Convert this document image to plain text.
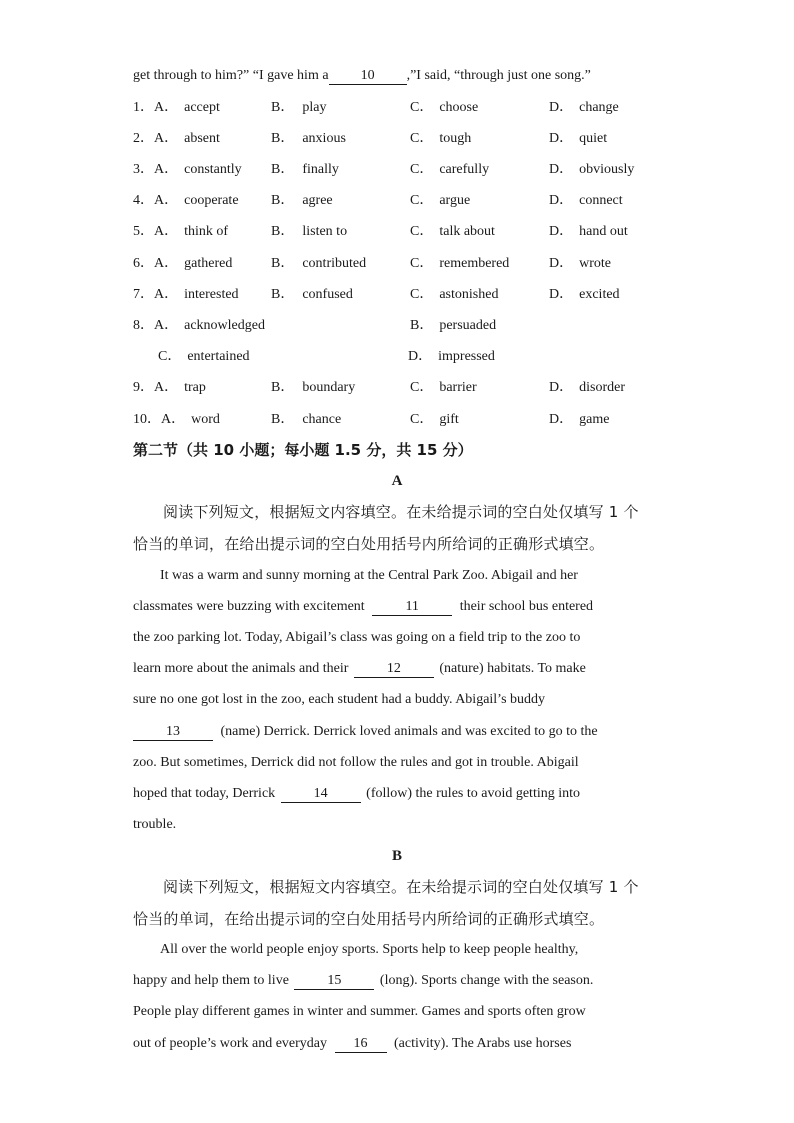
get through to him?” “I gave him a 10 ,”I said, “through just one song.”
1．A． accept	B． play	C． choose	D． change
2．A． absent	B． anxious	C． tough	D． quiet
3．A． constantly B． finally	C． carefully	D． obviously
4．A． cooperate B． agree	C． argue	D． connect
5．A． think of	B． listen to	C． talk about	D． hand out
6．A． gathered	B． contributed	C． remembered	D． wrote
7．A． interested B． confused	C． astonished	D． excited
8．A． acknowledged	B． persuaded
C． entertained	D． impressed
9．A． trap	B． boundary	C． barrier	D． disorder
10．A． word	B． chance	C． gift	D． game
第二节（共 10 小题；每小题 1.5 分，共 15 分）
A
阅读下列短文，根据短文内容填空。在未给提示词的空白处仅填写 1 个
恰当的单词，在给出提示词的空白处用括号内所给词的正确形式填空。
It was a warm and sunny morning at the Central Park Zoo. Abigail and her
classmates were buzzing with excitement	11	their school bus entered
the zoo parking lot. Today, Abigail’s class was going on a field trip to the zoo to
learn more about the animals and their	12	(nature) habitats. To make
sure no one got lost in the zoo, each student had a buddy. Abigail’s buddy
13	(name) Derrick. Derrick loved animals and was excited to go to the
zoo. But sometimes, Derrick did not follow the rules and got in trouble. Abigail
hoped that today, Derrick	14	(follow) the rules to avoid getting into
trouble.
B
阅读下列短文，根据短文内容填空。在未给提示词的空白处仅填写 1 个
恰当的单词，在给出提示词的空白处用括号内所给词的正确形式填空。
All over the world people enjoy sports. Sports help to keep people healthy,
happy and help them to live	15	(long). Sports change with the season.
People play different games in winter and summer. Games and sports often grow
out of people’s work and everyday 16 (activity). The Arabs use horses
